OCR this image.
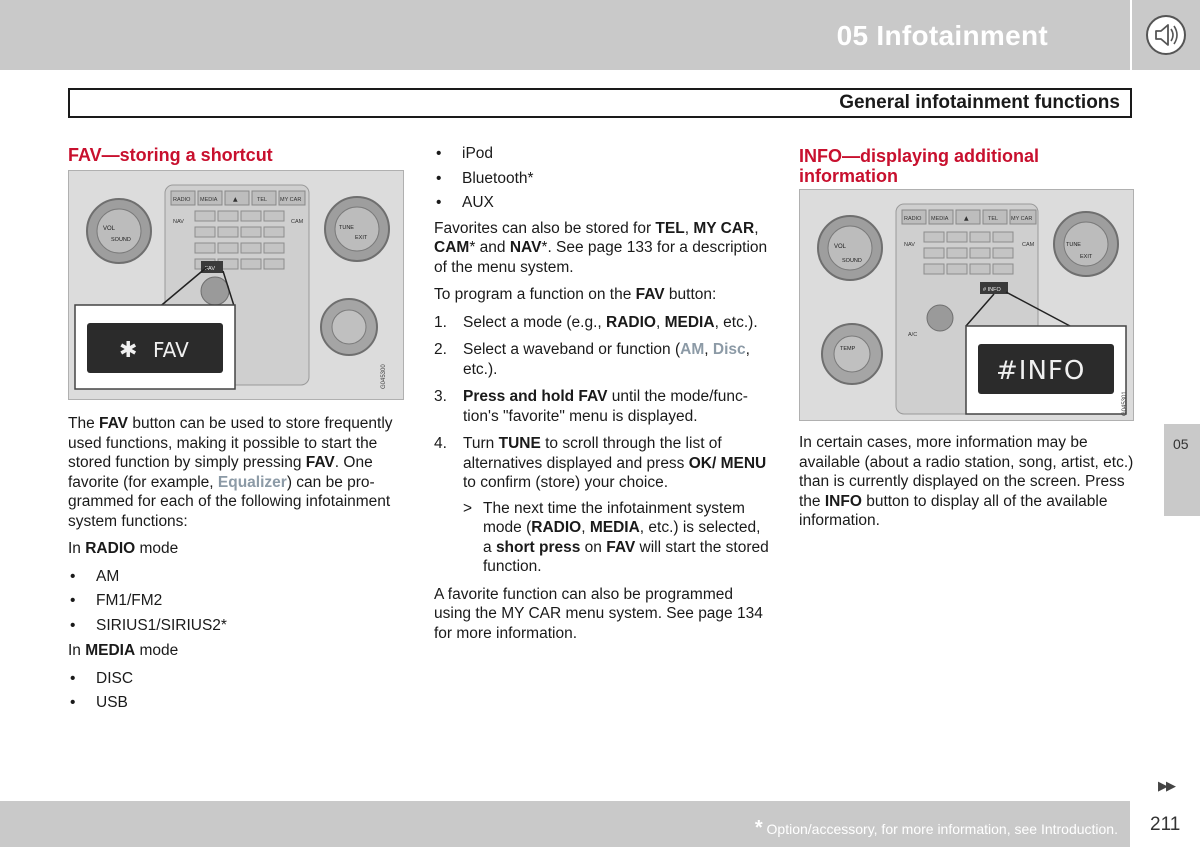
05 Infotainment
General infotainment functions
FAV—storing a shortcut
RADIO MEDIA	▲	TEL MY CAR
NAV	CAM
FAV
VOL
SOUND
TUNE
EXIT
✱ FAV
G045300

The FAV button can be used to store frequently used functions, making it possible to start the stored function by simply pressing FAV. One favorite (for example, Equalizer) can be pro-grammed for each of the following infotainment system functions:

In RADIO mode

• AM
• FM1/FM2
• SIRIUS1/SIRIUS2*

In MEDIA mode

• DISC
• USB
• iPod
• Bluetooth*
• AUX

Favorites can also be stored for TEL, MY CAR, CAM* and NAV*. See page 133 for a description of the menu system.

To program a function on the FAV button:

1. Select a mode (e.g., RADIO, MEDIA, etc.).
2. Select a waveband or function (AM, Disc, etc.).
3. Press and hold FAV until the mode/func-tion's "favorite" menu is displayed.
4. Turn TUNE to scroll through the list of alternatives displayed and press OK/ MENU to confirm (store) your choice.
> The next time the infotainment system mode (RADIO, MEDIA, etc.) is selected, a short press on FAV will start the stored function.

A favorite function can also be programmed using the MY CAR menu system. See page 134 for more information.

INFO—displaying additional information
RADIO MEDIA	▲	TEL MY CAR
NAV	CAM
A/C
# INFO
VOL
SOUND
TUNE
EXIT
TEMP
#INFO
G045301

In certain cases, more information may be available (about a radio station, song, artist, etc.) than is currently displayed on the screen. Press the INFO button to display all of the available information.

05
▶▶
* Option/accessory, for more information, see Introduction. 211
